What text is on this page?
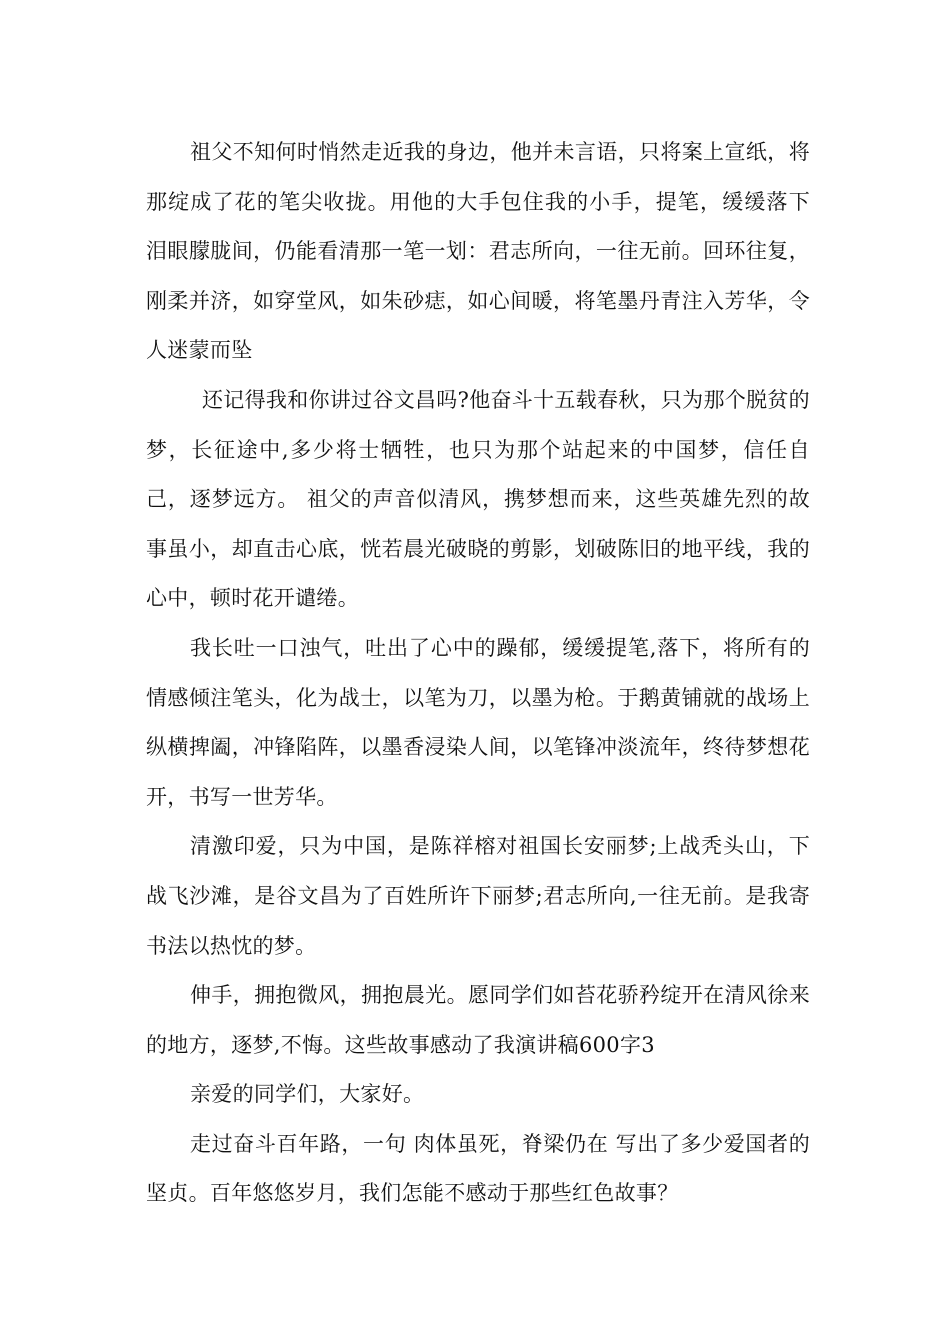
祖父不知何时悄然走近我的身边，他并未言语，只将案上宣纸，将那绽成了花的笔尖收拢。用他的大手包住我的小手，提笔，缓缓落下 泪眼朦胧间，仍能看清那一笔一划：君志所向，一往无前。回环往复，刚柔并济，如穿堂风，如朱砂痣，如心间暖，将笔墨丹青注入芳华，令人迷蒙而坠

还记得我和你讲过谷文昌吗?他奋斗十五载春秋，只为那个脱贫的梦，长征途中,多少将士牺牲，也只为那个站起来的中国梦，信任自己，逐梦远方。 祖父的声音似清风，携梦想而来，这些英雄先烈的故事虽小，却直击心底，恍若晨光破晓的剪影，划破陈旧的地平线，我的心中，顿时花开谴绻。

我长吐一口浊气，吐出了心中的躁郁，缓缓提笔,落下，将所有的情感倾注笔头，化为战士，以笔为刀，以墨为枪。于鹅黄铺就的战场上纵横捭阖，冲锋陷阵，以墨香浸染人间，以笔锋冲淡流年，终待梦想花开，书写一世芳华。

清激印爱，只为中国，是陈祥榕对祖国长安丽梦;上战秃头山，下战飞沙滩，是谷文昌为了百姓所许下丽梦;君志所向,一往无前。是我寄书法以热忱的梦。

伸手，拥抱微风，拥抱晨光。愿同学们如苔花骄矜绽开在清风徐来的地方，逐梦,不悔。这些故事感动了我演讲稿600字3

亲爱的同学们，大家好。

走过奋斗百年路，一句 肉体虽死，脊梁仍在 写出了多少爱国者的坚贞。百年悠悠岁月，我们怎能不感动于那些红色故事？
